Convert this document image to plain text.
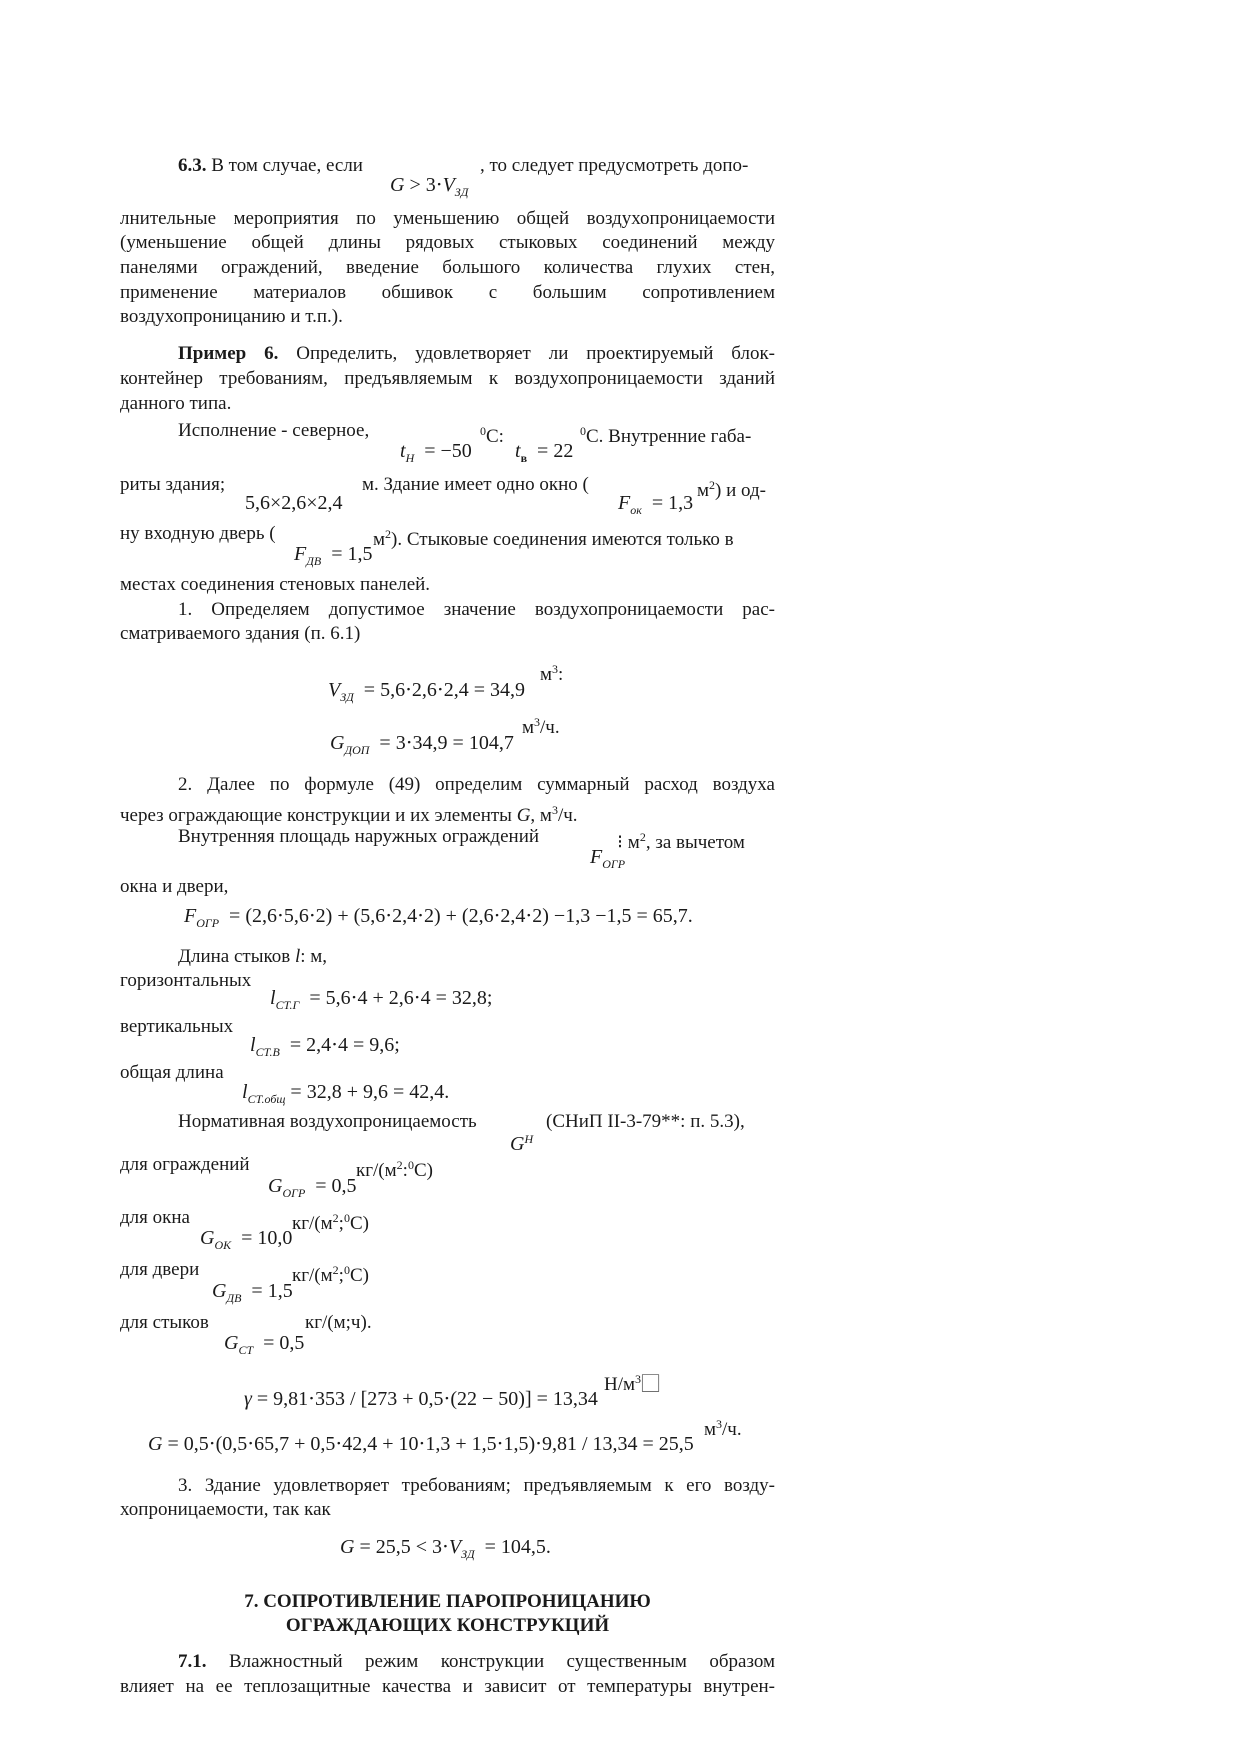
6.3. В том случае, если
$G > 3\cdot V_{ЗД}$
, то следует предусмотреть допо-
лнительные мероприятия по уменьшению общей воздухопроницаемости
(уменьшение общей длины рядовых стыковых соединений между
панелями ограждений, введение большого количества глухих стен,
применение материалов обшивок с большим сопротивлением
воздухопроницанию и т.п.).
Пример 6. Определить, удовлетворяет ли проектируемый блок-
контейнер требованиям, предъявляемым к воздухопроницаемости зданий
данного типа.
Исполнение - северное,	$^0$C:	$^0$C. Внутренние габа-
$t_Н = -50$ $t_в = 22$
риты здания;
5,6×2,6×2,4
м. Здание имеет одно окно (
$F_{ок} = 1,3$
$м^2$) и од-
ну входную дверь (
$F_{ДВ} = 1,5$
$м^2$). Стыковые соединения имеются только в
местах соединения стеновых панелей.
1. Определяем допустимое значение воздухопроницаемости рас-
сматриваемого здания (п. 6.1)
$V_{ЗД} = 5,6\cdot 2,6\cdot 2,4 = 34,9$
$м^3$:
$G_{ДОП} = 3\cdot 34,9 = 104,7$
$м^3/ч$.
2. Далее по формуле (49) определим суммарный расход воздуха
через ограждающие конструкции и их элементы G, $м^3/ч$.
Внутренняя площадь наружных ограждений
$F_{ОГР}$
⁝ $м^2$, за вычетом
окна и двери,
$F_{ОГР} = (2,6\cdot 5,6\cdot 2) + (5,6\cdot 2,4\cdot 2) + (2,6\cdot 2,4\cdot 2) -1,3 -1,5 = 65,7$.
Длина стыков l: м,
горизонтальных
$l_{СТ.Г} = 5,6\cdot 4 + 2,6\cdot 4 = 32,8$;
вертикальных
$l_{СТ.В} = 2,4\cdot 4 = 9,6$;
общая длина
$l_{СТ.общ} = 32,8 + 9,6 = 42,4$.
Нормативная воздухопроницаемость
$G^Н$
(СНиП II-3-79**: п. 5.3),
для ограждений	$кг/(м^2:^0C)$
$G_{ОГР} = 0,5$
для окна	$кг/(м^2;^0C)$
$G_{ОК} = 10,0$
для двери	$кг/(м^2;^0C)$
$G_{ДВ} = 1,5$
для стыков	кг/(м;ч).
$G_{СТ} = 0,5$
γ = 9,81⋅353 / [273 + 0,5⋅(22 − 50)] = 13,34
$Н/м^3⃞$
G = 0,5⋅(0,5⋅65,7 + 0,5⋅42,4 + 10⋅1,3 + 1,5⋅1,5)⋅9,81 / 13,34 = 25,5
$м^3/ч$.
3. Здание удовлетворяет требованиям; предъявляемым к его возду-
хопроницаемости, так как
$G = 25,5 < 3\cdot V_{ЗД} = 104,5$.
7. СОПРОТИВЛЕНИЕ ПАРОПРОНИЦАНИЮ
ОГРАЖДАЮЩИХ КОНСТРУКЦИЙ
7.1. Влажностный режим конструкции существенным образом
влияет на ее теплозащитные качества и зависит от температуры внутрен-
